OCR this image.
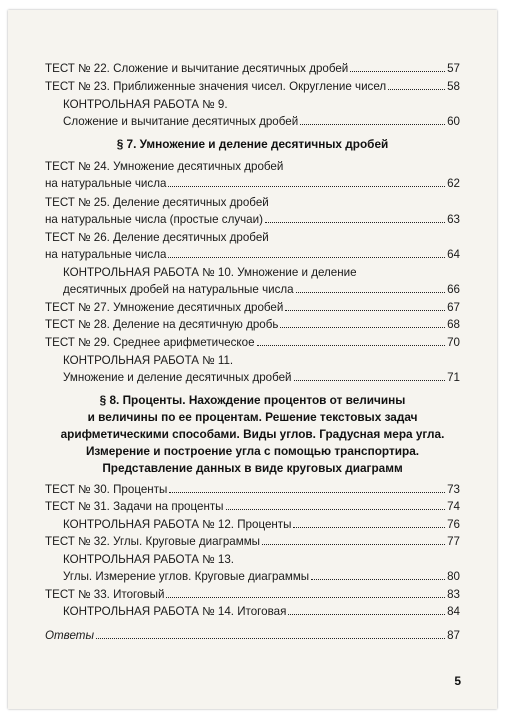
ТЕСТ № 22. Сложение и вычитание десятичных дробей	57
ТЕСТ № 23. Приближенные значения чисел. Округление чисел	58
КОНТРОЛЬНАЯ РАБОТА № 9.
Сложение и вычитание десятичных дробей	60
§ 7. Умножение и деление десятичных дробей
ТЕСТ № 24. Умножение десятичных дробей
на натуральные числа	62
ТЕСТ № 25. Деление десятичных дробей
на натуральные числа (простые случаи)	63
ТЕСТ № 26. Деление десятичных дробей
на натуральные числа	64
КОНТРОЛЬНАЯ РАБОТА № 10. Умножение и деление
десятичных дробей на натуральные числа	66
ТЕСТ № 27. Умножение десятичных дробей	67
ТЕСТ № 28. Деление на десятичную дробь	68
ТЕСТ № 29. Среднее арифметическое	70
КОНТРОЛЬНАЯ РАБОТА № 11.
Умножение и деление десятичных дробей	71
§ 8. Проценты. Нахождение процентов от величины
и величины по ее процентам. Решение текстовых задач
арифметическими способами. Виды углов. Градусная мера угла.
Измерение и построение угла с помощью транспортира.
Представление данных в виде круговых диаграмм
ТЕСТ № 30. Проценты	73
ТЕСТ № 31. Задачи на проценты	74
КОНТРОЛЬНАЯ РАБОТА № 12. Проценты	76
ТЕСТ № 32. Углы. Круговые диаграммы	77
КОНТРОЛЬНАЯ РАБОТА № 13.
Углы. Измерение углов. Круговые диаграммы	80
ТЕСТ № 33. Итоговый	83
КОНТРОЛЬНАЯ РАБОТА № 14. Итоговая	84
Ответы	87
5
